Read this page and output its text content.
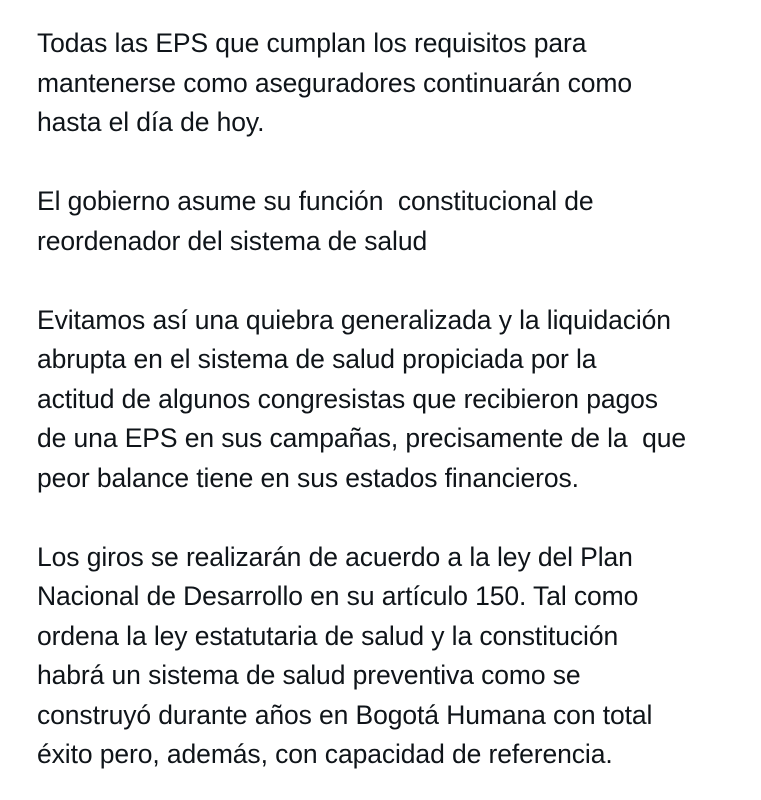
Todas las EPS que cumplan los requisitos para
mantenerse como aseguradores continuarán como
hasta el día de hoy.

El gobierno asume su función  constitucional de
reordenador del sistema de salud

Evitamos así una quiebra generalizada y la liquidación
abrupta en el sistema de salud propiciada por la
actitud de algunos congresistas que recibieron pagos
de una EPS en sus campañas, precisamente de la  que
peor balance tiene en sus estados financieros.

Los giros se realizarán de acuerdo a la ley del Plan
Nacional de Desarrollo en su artículo 150. Tal como
ordena la ley estatutaria de salud y la constitución
habrá un sistema de salud preventiva como se
construyó durante años en Bogotá Humana con total
éxito pero, además, con capacidad de referencia.
